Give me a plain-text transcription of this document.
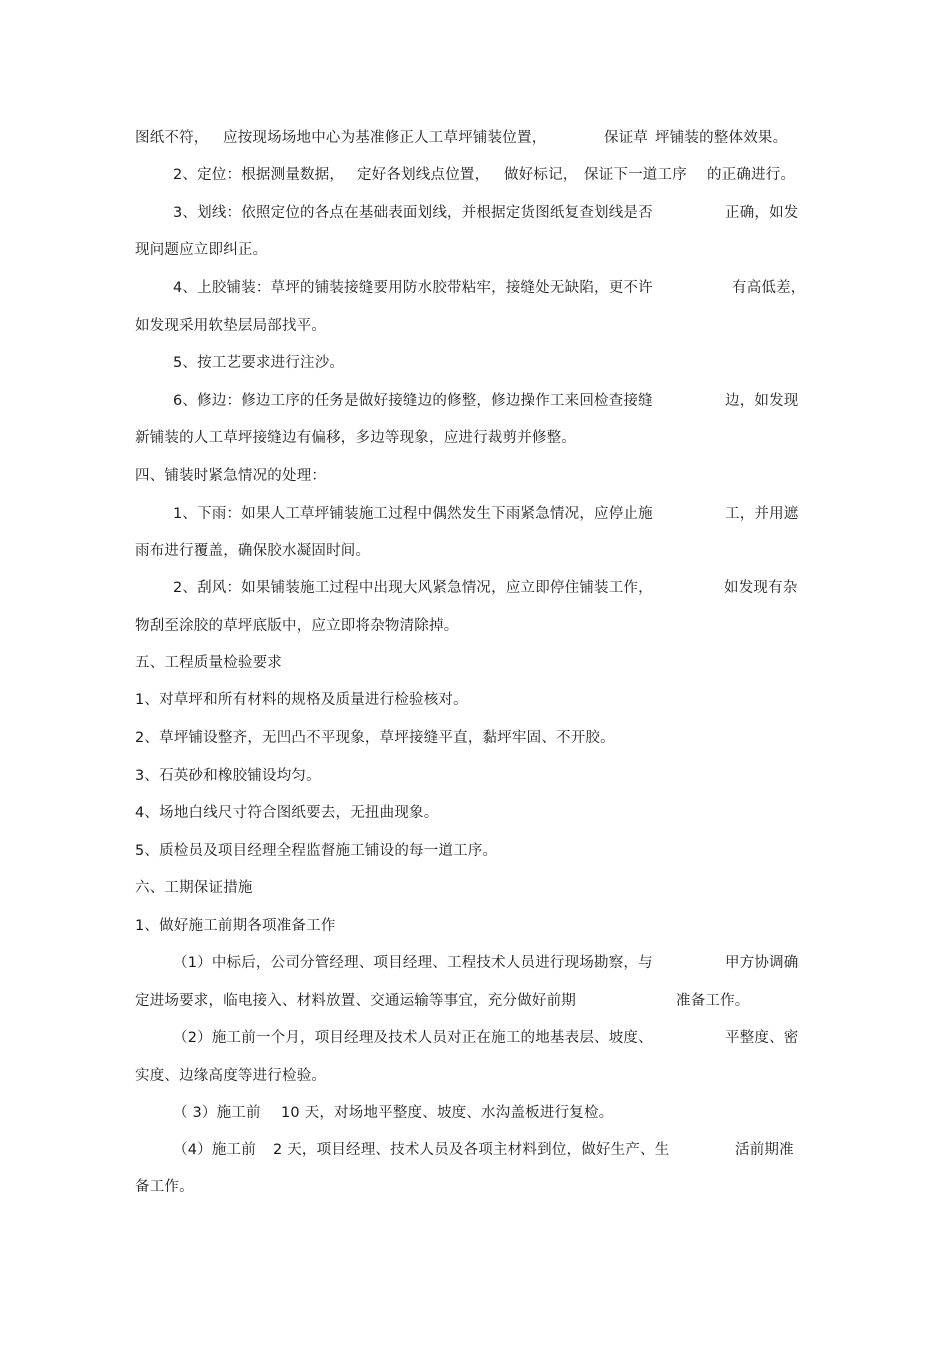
图纸不符， 应按现场场地中心为基准修正人工草坪铺装位置，	保证草 坪铺装的整体效果。
2、定位：根据测量数据， 定好各划线点位置， 做好标记， 保证下一道工序 的正确进行。
3、划线：依照定位的各点在基础表面划线，并根据定货图纸复查划线是否	正确，如发
现问题应立即纠正。
4、上胶铺装：草坪的铺装接缝要用防水胶带粘牢，接缝处无缺陷，更不许	有高低差，
如发现采用软垫层局部找平。
5、按工艺要求进行注沙。
6、修边：修边工序的任务是做好接缝边的修整，修边操作工来回检查接缝	边，如发现
新铺装的人工草坪接缝边有偏移，多边等现象，应进行裁剪并修整。
四、铺装时紧急情况的处理：
1、下雨：如果人工草坪铺装施工过程中偶然发生下雨紧急情况，应停止施	工，并用遮
雨布进行覆盖，确保胶水凝固时间。
2、刮风：如果铺装施工过程中出现大风紧急情况，应立即停住铺装工作，	如发现有杂
物刮至涂胶的草坪底版中，应立即将杂物清除掉。
五、工程质量检验要求
1、对草坪和所有材料的规格及质量进行检验核对。
2、草坪铺设整齐，无凹凸不平现象，草坪接缝平直，黏坪牢固、不开胶。
3、石英砂和橡胶铺设均匀。
4、场地白线尺寸符合图纸要去，无扭曲现象。
5、质检员及项目经理全程监督施工铺设的每一道工序。
六、工期保证措施
1、做好施工前期各项准备工作
（1）中标后，公司分管经理、项目经理、工程技术人员进行现场勘察，与	甲方协调确
定进场要求，临电接入、材料放置、交通运输等事宜，充分做好前期	准备工作。
（2）施工前一个月，项目经理及技术人员对正在施工的地基表层、坡度、	平整度、密
实度、边缘高度等进行检验。
（ 3）施工前 10 天，对场地平整度、坡度、水沟盖板进行复检。
（4）施工前 2 天，项目经理、技术人员及各项主材料到位，做好生产、生	活前期准
备工作。
